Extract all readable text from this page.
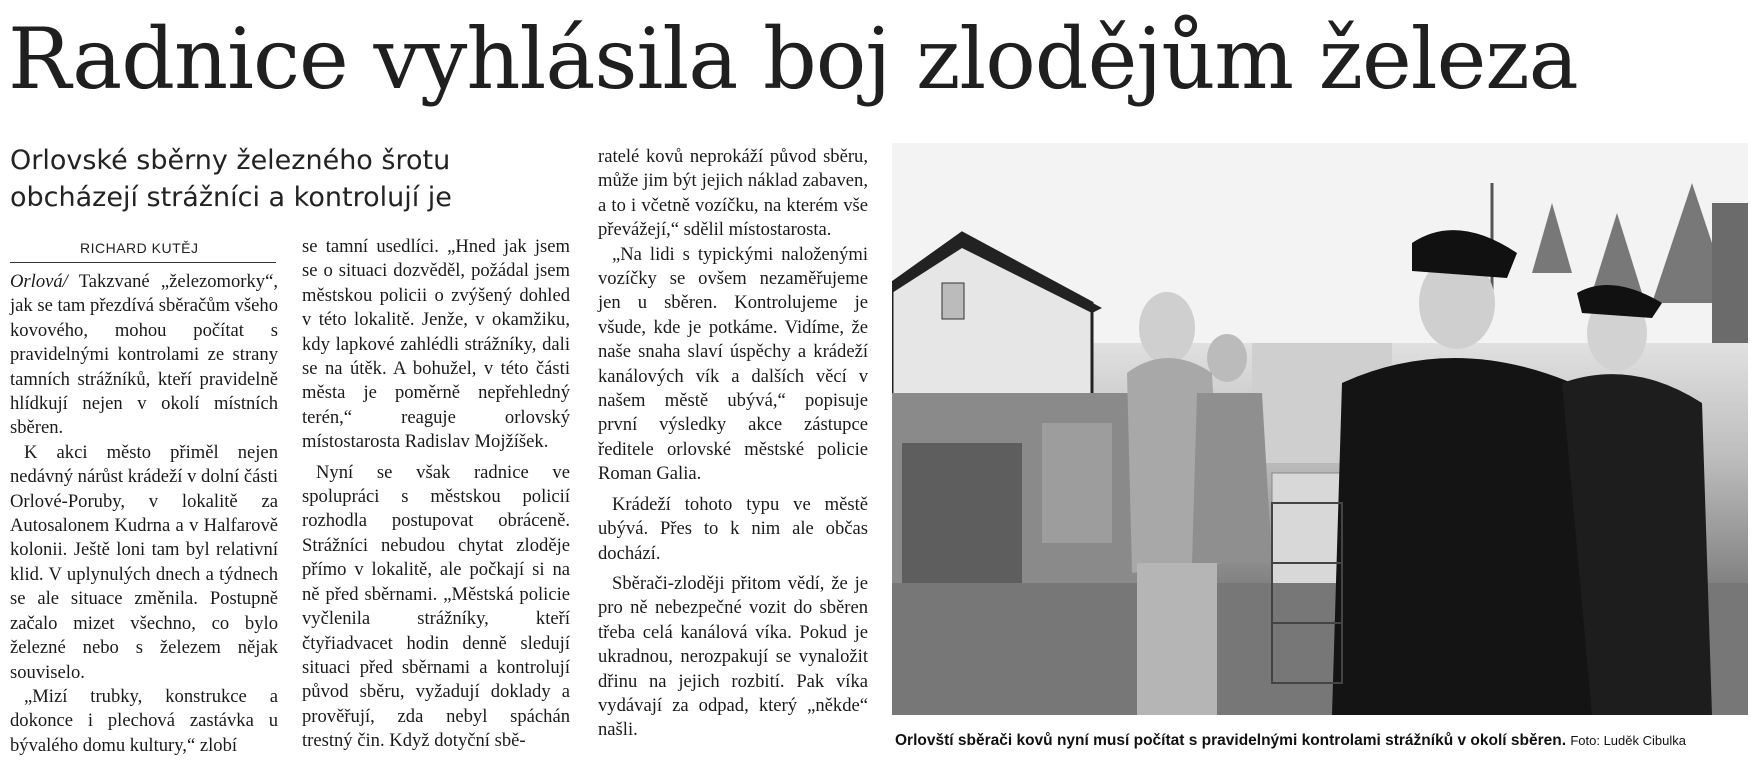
Radnice vyhlásila boj zlodějům železa
Orlovské sběrny železného šrotu
obcházejí strážníci a kontrolují je
RICHARD KUTĚJ

Orlová/ Takzvané „železomorky“, jak se tam přezdívá sběračům všeho kovového, mohou počítat s pravidelnými kontrolami ze strany tamních strážníků, kteří pravidelně hlídkují nejen v okolí místních sběren.

K akci město přiměl nejen nedávný nárůst krádeží v dolní části Orlové-Poruby, v lokalitě za Autosalonem Kudrna a v Halfarově kolonii. Ještě loni tam byl relativní klid. V uplynulých dnech a týdnech se ale situace změnila. Postupně začalo mizet všechno, co bylo železné nebo s železem nějak souviselo.

„Mizí trubky, konstrukce a dokonce i plechová zastávka u bývalého domu kultury,“ zlobí

se tamní usedlíci. „Hned jak jsem se o situaci dozvěděl, požádal jsem městskou policii o zvýšený dohled v této lokalitě. Jenže, v okamžiku, kdy lapkové zahlédli strážníky, dali se na útěk. A bohužel, v této části města je poměrně nepřehledný terén,“ reaguje orlovský místostarosta Radislav Mojžíšek.

Nyní se však radnice ve spolupráci s městskou policií rozhodla postupovat obráceně. Strážníci nebudou chytat zloděje přímo v lokalitě, ale počkají si na ně před sběrnami. „Městská policie vyčlenila strážníky, kteří čtyřiadvacet hodin denně sledují situaci před sběrnami a kontrolují původ sběru, vyžadují doklady a prověřují, zda nebyl spáchán trestný čin. Když dotyční sbě-

ratelé kovů neprokáží původ sběru, může jim být jejich náklad zabaven, a to i včetně vozíčku, na kterém vše převážejí,“ sdělil místostarosta.

„Na lidi s typickými naloženými vozíčky se ovšem nezaměřujeme jen u sběren. Kontrolujeme je všude, kde je potkáme. Vidíme, že naše snaha slaví úspěchy a krádeží kanálových vík a dalších věcí v našem městě ubývá,“ popisuje první výsledky akce zástupce ředitele orlovské městské policie Roman Galia.

Krádeží tohoto typu ve městě ubývá. Přes to k nim ale občas dochází.

Sběrači-zloději přitom vědí, že je pro ně nebezpečné vozit do sběren třeba celá kanálová víka. Pokud je ukradnou, nerozpakují se vynaložit dřinu na jejich rozbití. Pak víka vydávají za odpad, který „někde“ našli.

Orlovští sběrači kovů nyní musí počítat s pravidelnými kontrolami strážníků v okolí sběren. Foto: Luděk Cibulka
